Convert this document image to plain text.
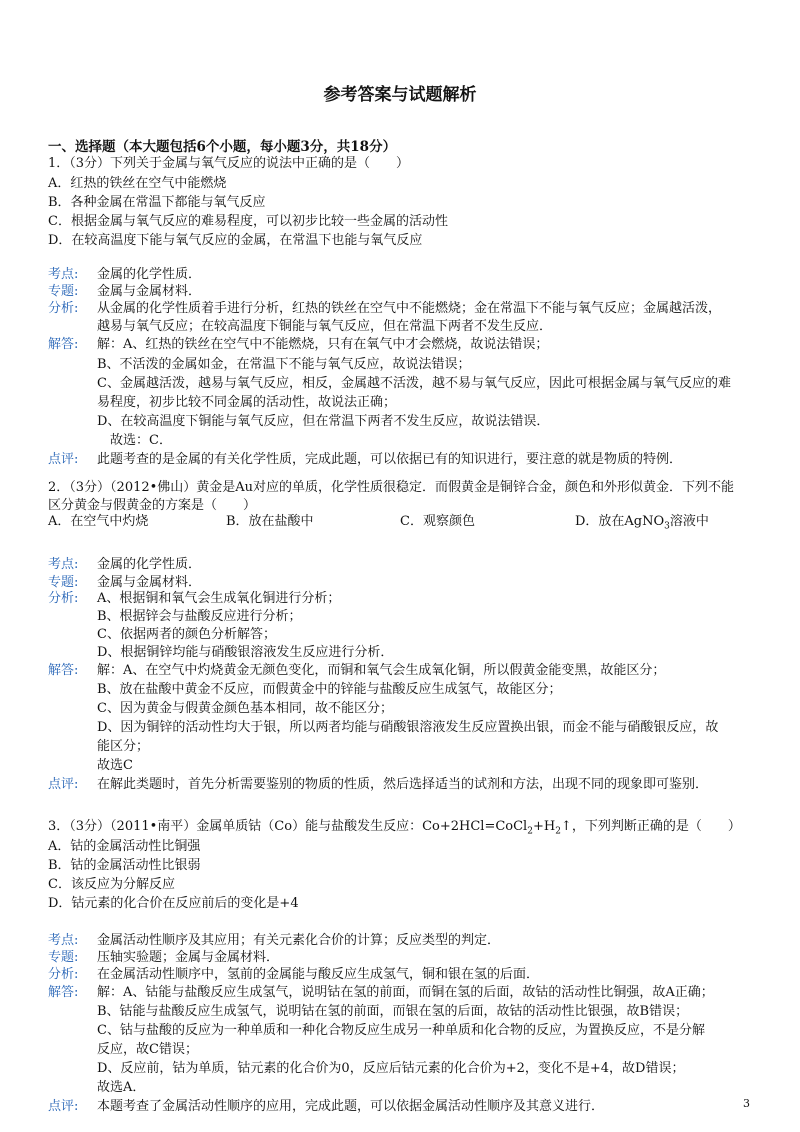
参考答案与试题解析
一、选择题（本大题包括6个小题，每小题3分，共18分）
1．（3分）下列关于金属与氧气反应的说法中正确的是（　　）
A．红热的铁丝在空气中能燃烧
B．各种金属在常温下都能与氧气反应
C．根据金属与氧气反应的难易程度，可以初步比较一些金属的活动性
D．在较高温度下能与氧气反应的金属，在常温下也能与氧气反应
考点: 金属的化学性质．
专题: 金属与金属材料．
分析: 从金属的化学性质着手进行分析，红热的铁丝在空气中不能燃烧；金在常温下不能与氧气反应；金属越活泼，
越易与氧气反应；在较高温度下铜能与氧气反应，但在常温下两者不发生反应．
解答: 解：A、红热的铁丝在空气中不能燃烧，只有在氧气中才会燃烧，故说法错误；
B、不活泼的金属如金，在常温下不能与氧气反应，故说法错误；
C、金属越活泼，越易与氧气反应，相反，金属越不活泼，越不易与氧气反应，因此可根据金属与氧气反应的难
易程度，初步比较不同金属的活动性，故说法正确；
D、在较高温度下铜能与氧气反应，但在常温下两者不发生反应，故说法错误．
故选：C．
点评: 此题考查的是金属的有关化学性质，完成此题，可以依据已有的知识进行，要注意的就是物质的特例．
2．（3分）（2012•佛山）黄金是Au对应的单质，化学性质很稳定．而假黄金是铜锌合金，颜色和外形似黄金．下列不能
区分黄金与假黄金的方案是（　　）
A．在空气中灼烧	B．放在盐酸中	C．观察颜色	D．放在AgNO$_3$溶液中
考点: 金属的化学性质．
专题: 金属与金属材料．
分析: A、根据铜和氧气会生成氧化铜进行分析；
B、根据锌会与盐酸反应进行分析；
C、依据两者的颜色分析解答；
D、根据铜锌均能与硝酸银溶液发生反应进行分析．
解答: 解：A、在空气中灼烧黄金无颜色变化，而铜和氧气会生成氧化铜，所以假黄金能变黑，故能区分；
B、放在盐酸中黄金不反应，而假黄金中的锌能与盐酸反应生成氢气，故能区分；
C、因为黄金与假黄金颜色基本相同，故不能区分；
D、因为铜锌的活动性均大于银，所以两者均能与硝酸银溶液发生反应置换出银，而金不能与硝酸银反应，故
能区分；
故选C
点评: 在解此类题时，首先分析需要鉴别的物质的性质，然后选择适当的试剂和方法，出现不同的现象即可鉴别．
3．（3分）（2011•南平）金属单质钴（Co）能与盐酸发生反应：$Co+2HCl=CoCl_2+H_2↑$，下列判断正确的是（　　）
A．钴的金属活动性比铜强
B．钴的金属活动性比银弱
C．该反应为分解反应
D．钴元素的化合价在反应前后的变化是+4
考点: 金属活动性顺序及其应用；有关元素化合价的计算；反应类型的判定．
专题: 压轴实验题；金属与金属材料．
分析: 在金属活动性顺序中，氢前的金属能与酸反应生成氢气，铜和银在氢的后面．
解答: 解：A、钴能与盐酸反应生成氢气，说明钴在氢的前面，而铜在氢的后面，故钴的活动性比铜强，故A正确；
B、钴能与盐酸反应生成氢气，说明钴在氢的前面，而银在氢的后面，故钴的活动性比银强，故B错误；
C、钴与盐酸的反应为一种单质和一种化合物反应生成另一种单质和化合物的反应，为置换反应，不是分解
反应，故C错误；
D、反应前，钴为单质，钴元素的化合价为0，反应后钴元素的化合价为+2，变化不是+4，故D错误；
故选A．
点评: 本题考查了金属活动性顺序的应用，完成此题，可以依据金属活动性顺序及其意义进行．	3
